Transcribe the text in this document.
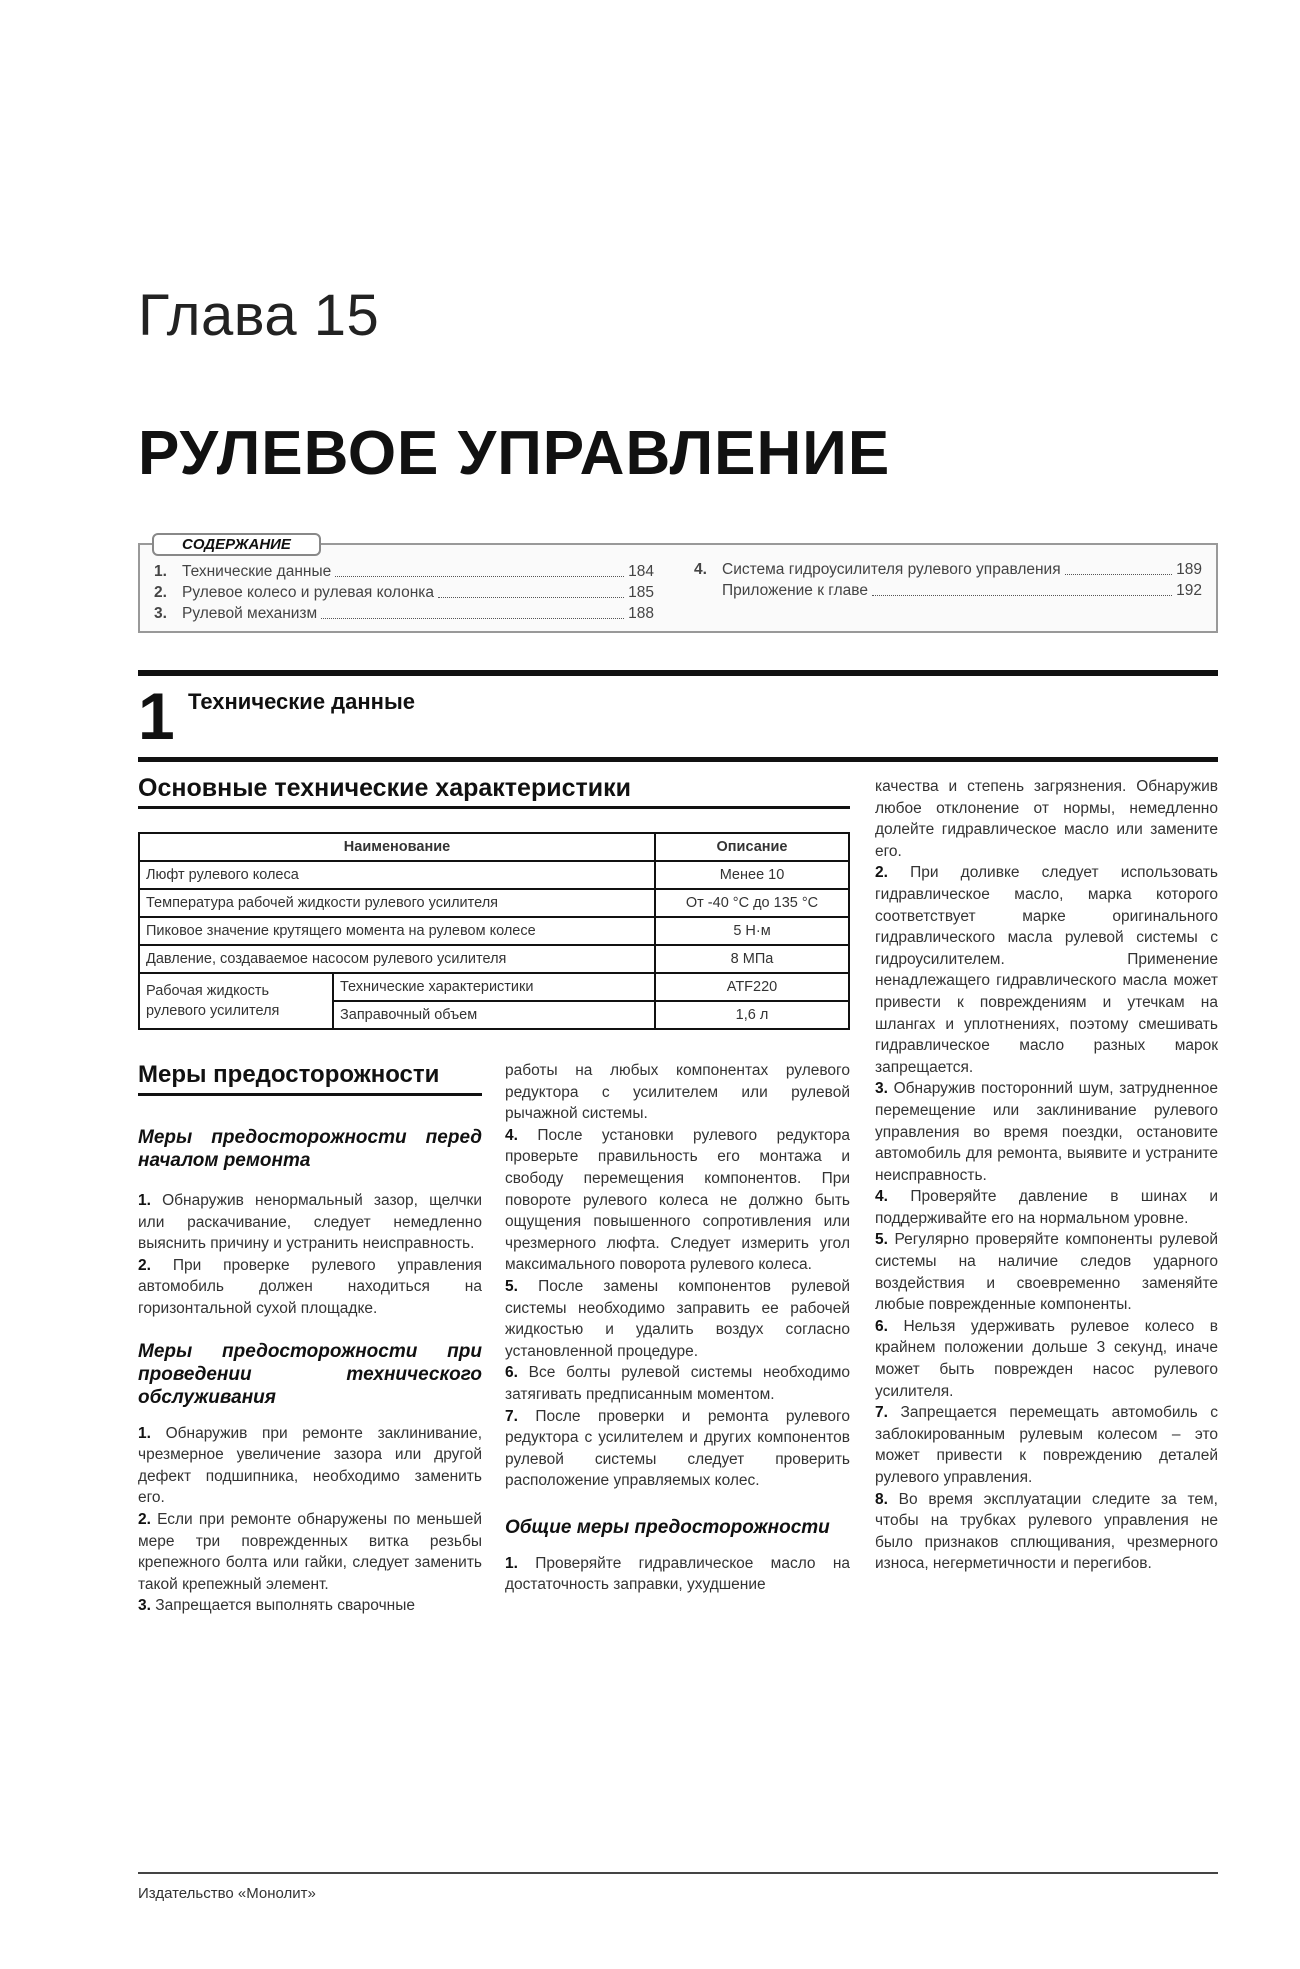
Глава 15
РУЛЕВОЕ УПРАВЛЕНИЕ
СОДЕРЖАНИЕ
1. Технические данные	184
2. Рулевое колесо и рулевая колонка	185
3. Рулевой механизм	188
4. Система гидроусилителя рулевого управления	189
Приложение к главе	192
1 Технические данные
Основные технические характеристики
Наименование		Описание
Люфт рулевого колеса		Менее 10
Температура рабочей жидкости рулевого усилителя		От -40 °С до 135 °С
Пиковое значение крутящего момента на рулевом колесе		5 Н·м
Давление, создаваемое насосом рулевого усилителя		8 МПа
Рабочая жидкость рулевого усилителя	Технические характеристики	ATF220
	Заправочный объем	1,6 л
Меры предосторожности
Меры предосторожности перед началом ремонта

1. Обнаружив ненормальный зазор, щелчки или раскачивание, следует немедленно выяснить причину и устранить неисправность.

2. При проверке рулевого управления автомобиль должен находиться на горизонтальной сухой площадке.

Меры предосторожности при проведении технического обслуживания

1. Обнаружив при ремонте заклинивание, чрезмерное увеличение зазора или другой дефект подшипника, необходимо заменить его.

2. Если при ремонте обнаружены по меньшей мере три поврежденных витка резьбы крепежного болта или гайки, следует заменить такой крепежный элемент.

3. Запрещается выполнять сварочные

работы на любых компонентах рулевого редуктора с усилителем или рулевой рычажной системы.

4. После установки рулевого редуктора проверьте правильность его монтажа и свободу перемещения компонентов. При повороте рулевого колеса не должно быть ощущения повышенного сопротивления или чрезмерного люфта. Следует измерить угол максимального поворота рулевого колеса.

5. После замены компонентов рулевой системы необходимо заправить ее рабочей жидкостью и удалить воздух согласно установленной процедуре.

6. Все болты рулевой системы необходимо затягивать предписанным моментом.

7. После проверки и ремонта рулевого редуктора с усилителем и других компонентов рулевой системы следует проверить расположение управляемых колес.

Общие меры предосторожности

1. Проверяйте гидравлическое масло на достаточность заправки, ухудшение

качества и степень загрязнения. Обнаружив любое отклонение от нормы, немедленно долейте гидравлическое масло или замените его.

2. При доливке следует использовать гидравлическое масло, марка которого соответствует марке оригинального гидравлического масла рулевой системы с гидроусилителем. Применение ненадлежащего гидравлического масла может привести к повреждениям и утечкам на шлангах и уплотнениях, поэтому смешивать гидравлическое масло разных марок запрещается.

3. Обнаружив посторонний шум, затрудненное перемещение или заклинивание рулевого управления во время поездки, остановите автомобиль для ремонта, выявите и устраните неисправность.

4. Проверяйте давление в шинах и поддерживайте его на нормальном уровне.

5. Регулярно проверяйте компоненты рулевой системы на наличие следов ударного воздействия и своевременно заменяйте любые поврежденные компоненты.

6. Нельзя удерживать рулевое колесо в крайнем положении дольше 3 секунд, иначе может быть поврежден насос рулевого усилителя.

7. Запрещается перемещать автомобиль с заблокированным рулевым колесом – это может привести к повреждению деталей рулевого управления.

8. Во время эксплуатации следите за тем, чтобы на трубках рулевого управления не было признаков сплющивания, чрезмерного износа, негерметичности и перегибов.

Издательство «Монолит»
